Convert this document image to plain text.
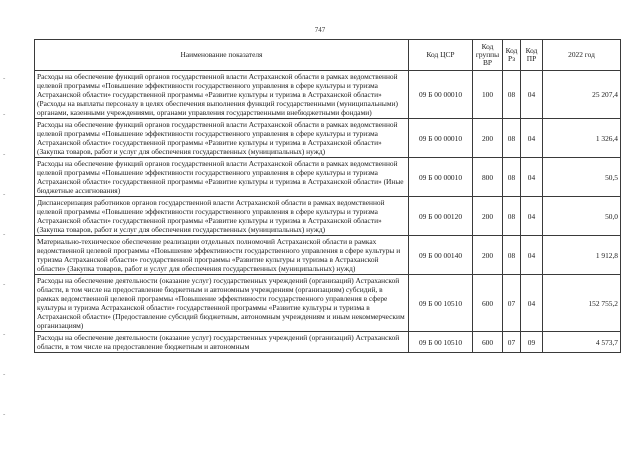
747
-
-
-
-
-
-
-
-
-
Наименование показателя	Код ЦСР	Код группы ВР	Код Рз	Код ПР	2022 год
Расходы на обеспечение функций органов государственной власти Астраханской области в рамках ведомственной целевой программы «Повышение эффективности государственного управления в сфере культуры и туризма Астраханской области» государственной программы «Развитие культуры и туризма в Астраханской области» (Расходы на выплаты персоналу в целях обеспечения выполнения функций государственными (муниципальными) органами, казенными учреждениями, органами управления государственными внебюджетными фондами)	09 Б 00 00010	100	08	04	25 207,4
Расходы на обеспечение функций органов государственной власти Астраханской области в рамках ведомственной целевой программы «Повышение эффективности государственного управления в сфере культуры и туризма Астраханской области» государственной программы «Развитие культуры и туризма в Астраханской области» (Закупка товаров, работ и услуг для обеспечения государственных (муниципальных) нужд)	09 Б 00 00010	200	08	04	1 326,4
Расходы на обеспечение функций органов государственной власти Астраханской области в рамках ведомственной целевой программы «Повышение эффективности государственного управления в сфере культуры и туризма Астраханской области» государственной программы «Развитие культуры и туризма в Астраханской области» (Иные бюджетные ассигнования)	09 Б 00 00010	800	08	04	50,5
Диспансеризация работников органов государственной власти Астраханской области в рамках ведомственной целевой программы «Повышение эффективности государственного управления в сфере культуры и туризма Астраханской области» государственной программы «Развитие культуры и туризма в Астраханской области» (Закупка товаров, работ и услуг для обеспечения государственных (муниципальных) нужд)	09 Б 00 00120	200	08	04	50,0
Материально-техническое обеспечение реализации отдельных полномочий Астраханской области в рамках ведомственной целевой программы «Повышение эффективности государственного управления в сфере культуры и туризма Астраханской области» государственной программы «Развитие культуры и туризма в Астраханской области» (Закупка товаров, работ и услуг для обеспечения государственных (муниципальных) нужд)	09 Б 00 00140	200	08	04	1 912,8
Расходы на обеспечение деятельности (оказание услуг) государственных учреждений (организаций) Астраханской области, в том числе на предоставление бюджетным и автономным учреждениям (организациям) субсидий, в рамках ведомственной целевой программы «Повышение эффективности государственного управления в сфере культуры и туризма Астраханской области» государственной программы «Развитие культуры и туризма в Астраханской области» (Предоставление субсидий бюджетным, автономным учреждениям и иным некоммерческим организациям)	09 Б 00 10510	600	07	04	152 755,2
Расходы на обеспечение деятельности (оказание услуг) государственных учреждений (организаций) Астраханской области, в том числе на предоставление бюджетным и автономным	09 Б 00 10510	600	07	09	4 573,7
